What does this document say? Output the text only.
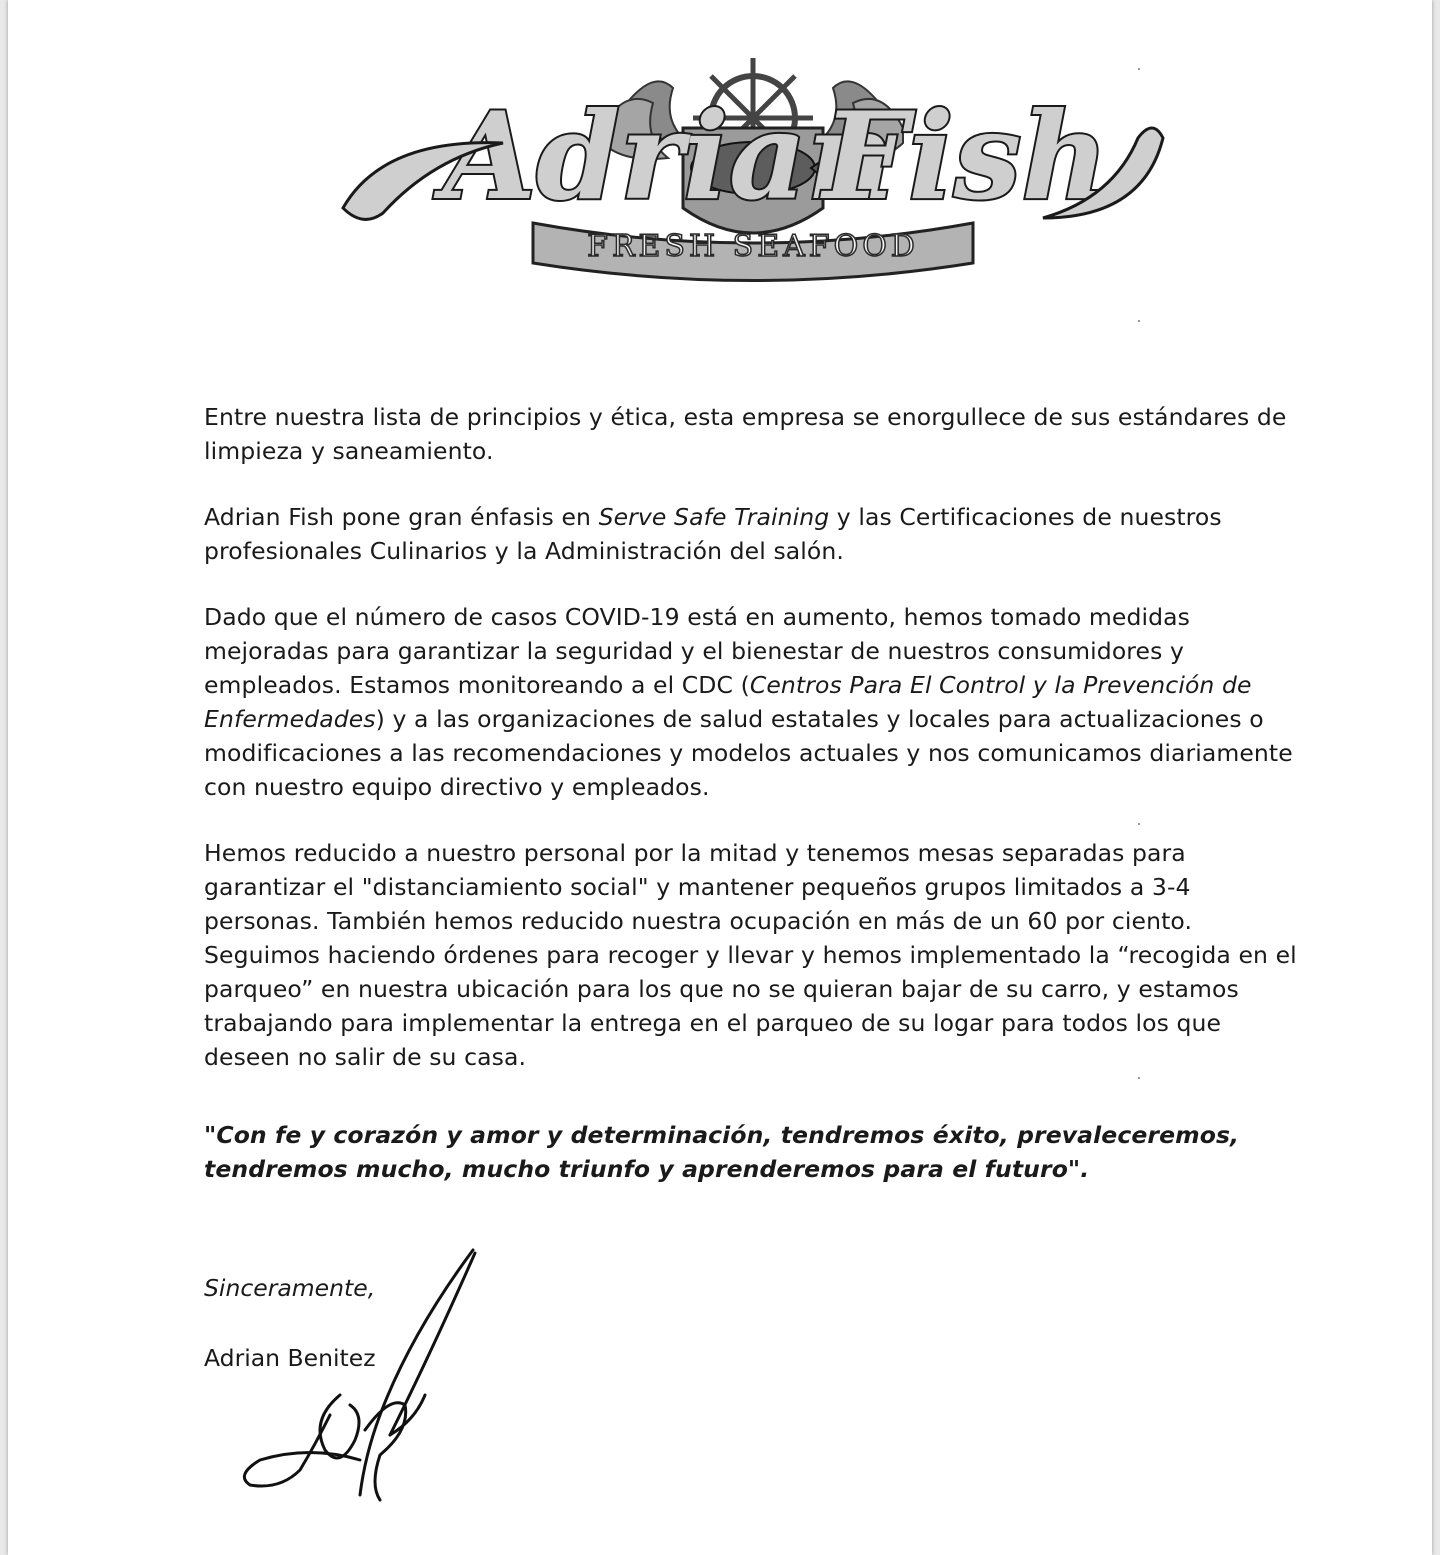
Adrian
Fish
FRESH SEAFOOD

Entre nuestra lista de principios y ética, esta empresa se enorgullece de sus estándares de limpieza y saneamiento.

Adrian Fish pone gran énfasis en Serve Safe Training y las Certificaciones de nuestros profesionales Culinarios y la Administración del salón.

Dado que el número de casos COVID-19 está en aumento, hemos tomado medidas mejoradas para garantizar la seguridad y el bienestar de nuestros consumidores y empleados. Estamos monitoreando a el CDC (Centros Para El Control y la Prevención de Enfermedades) y a las organizaciones de salud estatales y locales para actualizaciones o modificaciones a las recomendaciones y modelos actuales y nos comunicamos diariamente con nuestro equipo directivo y empleados.

Hemos reducido a nuestro personal por la mitad y tenemos mesas separadas para garantizar el "distanciamiento social" y mantener pequeños grupos limitados a 3-4 personas. También hemos reducido nuestra ocupación en más de un 60 por ciento. Seguimos haciendo órdenes para recoger y llevar y hemos implementado la “recogida en el parqueo” en nuestra ubicación para los que no se quieran bajar de su carro, y estamos trabajando para implementar la entrega en el parqueo de su logar para todos los que deseen no salir de su casa.

"Con fe y corazón y amor y determinación, tendremos éxito, prevaleceremos, tendremos mucho, mucho triunfo y aprenderemos para el futuro".

Sinceramente,
Adrian Benitez
